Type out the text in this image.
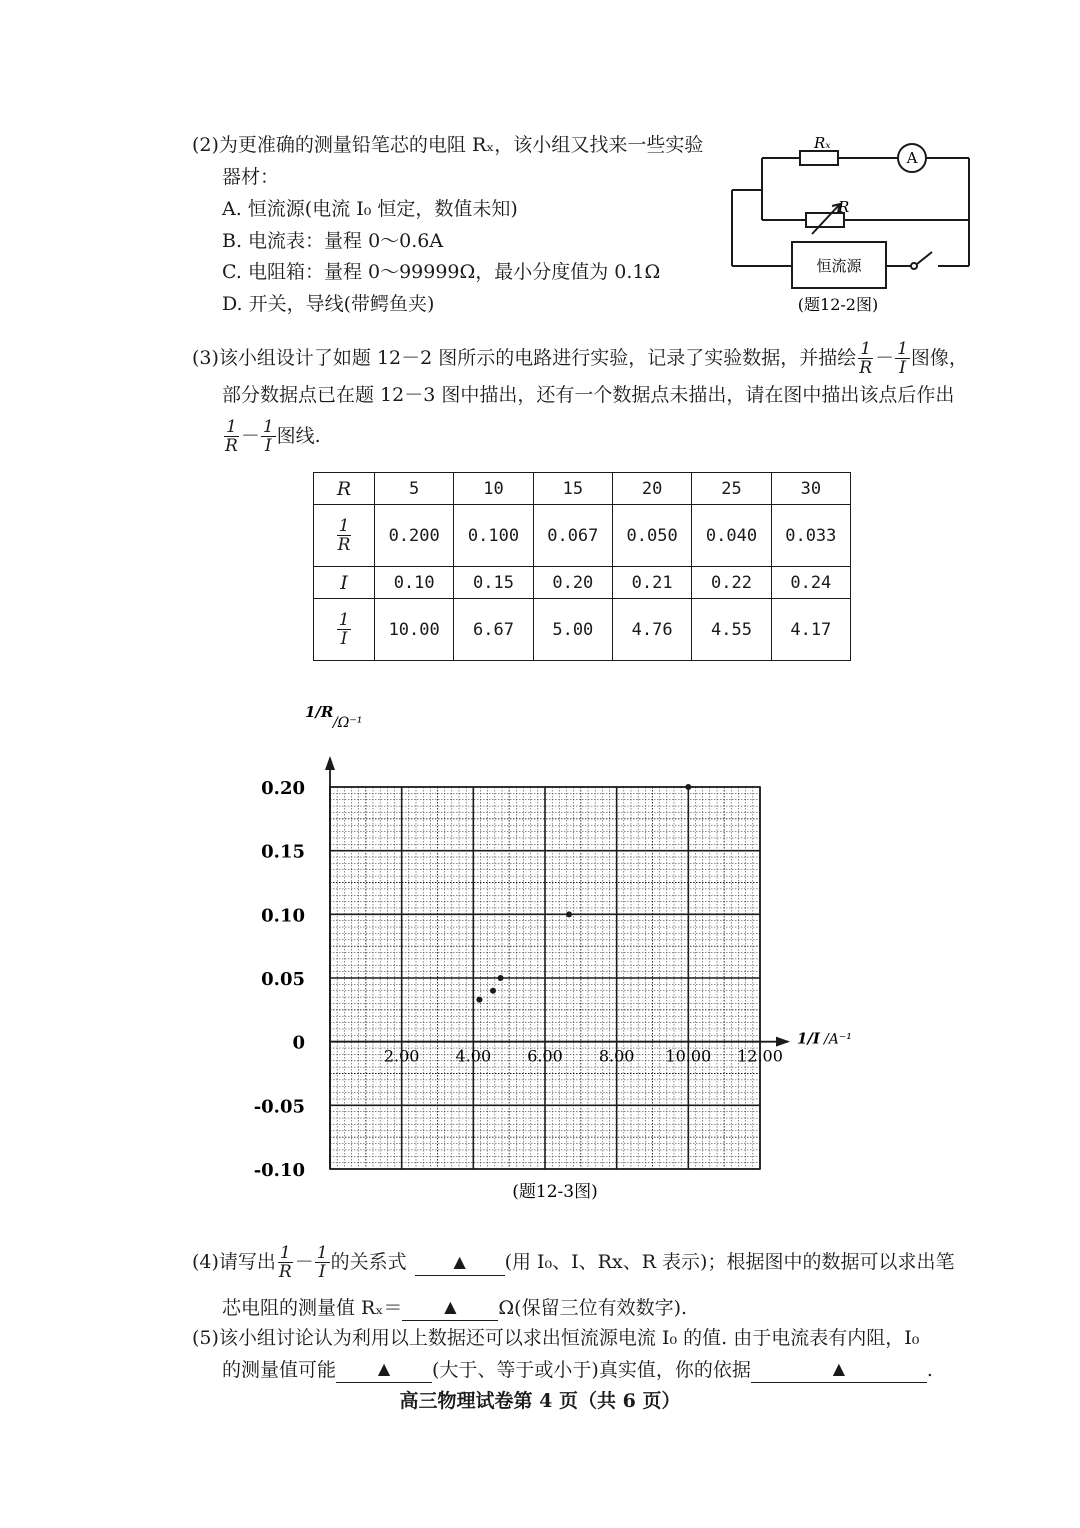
(2)为更准确的测量铅笔芯的电阻 Rₓ，该小组又找来一些实验
器材：
A. 恒流源(电流 I₀ 恒定，数值未知)
B. 电流表：量程 0～0.6A
C. 电阻箱：量程 0～99999Ω，最小分度值为 0.1Ω
D. 开关，导线(带鳄鱼夹)
Rₓ
A
R
恒流源
(题12-2图)
(3)该小组设计了如题 12－2 图所示的电路进行实验，记录了实验数据，并描绘 $\frac{1}{R} - \frac{1}{I}$ 图像，
部分数据点已在题 12－3 图中描出，还有一个数据点未描出，请在图中描出该点后作出
$\frac{1}{R} - \frac{1}{I}$ 图线.
R	5	10	15	20	25	30

$\frac{1}{R}$	0.200	0.100	0.067	0.050	0.040	0.033
I	0.10	0.15	0.20	0.21	0.22	0.24

$\frac{1}{I}$	10.00	6.67	5.00	4.76	4.55	4.17
0.20
0.15
0.10
0.05
0
-0.05
-0.10
2.00 4.00 6.00 8.00 10.00 12.00
1/R
/Ω⁻¹
1/I /A⁻¹
(题12-3图)
(4)请写出 $\frac{1}{R} - \frac{1}{I}$ 的关系式	▲	(用 I₀、I、Rx、R 表示)；根据图中的数据可以求出笔
芯电阻的测量值 Rₓ＝	▲	Ω(保留三位有效数字).
(5)该小组讨论认为利用以上数据还可以求出恒流源电流 I₀ 的值. 由于电流表有内阻，I₀
的测量值可能	▲	(大于、等于或小于)真实值，你的依据	▲	.
高三物理试卷第 4 页（共 6 页）
